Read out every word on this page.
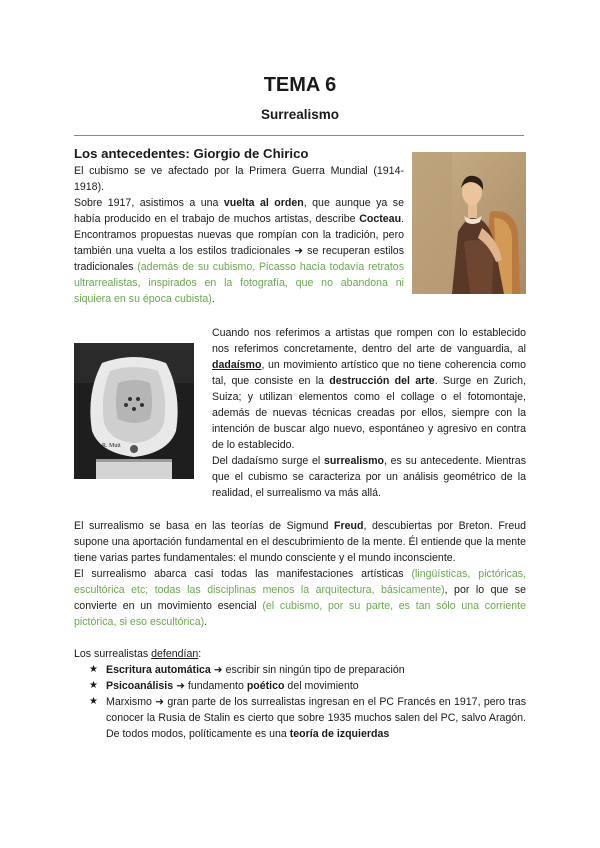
TEMA 6
Surrealismo
Los antecedentes: Giorgio de Chirico
El cubismo se ve afectado por la Primera Guerra Mundial (1914-1918).
Sobre 1917, asistimos a una vuelta al orden, que aunque ya se había producido en el trabajo de muchos artistas, describe Cocteau. Encontramos propuestas nuevas que rompían con la tradición, pero también una vuelta a los estilos tradicionales ➜ se recuperan estilos tradicionales (además de su cubismo, Picasso hacía todavía retratos ultrarrealistas, inspirados en la fotografía, que no abandona ni siquiera en su época cubista).
R. Mutt
Cuando nos referimos a artistas que rompen con lo establecido nos referimos concretamente, dentro del arte de vanguardia, al dadaísmo, un movimiento artístico que no tiene coherencia como tal, que consiste en la destrucción del arte. Surge en Zurich, Suiza; y utilizan elementos como el collage o el fotomontaje, además de nuevas técnicas creadas por ellos, siempre con la intención de buscar algo nuevo, espontáneo y agresivo en contra de lo establecido.
Del dadaísmo surge el surrealismo, es su antecedente. Mientras que el cubismo se caracteriza por un análisis geométrico de la realidad, el surrealismo va más allá.
El surrealismo se basa en las teorías de Sigmund Freud, descubiertas por Breton. Freud supone una aportación fundamental en el descubrimiento de la mente. Él entiende que la mente tiene varias partes fundamentales: el mundo consciente y el mundo inconsciente.
El surrealismo abarca casi todas las manifestaciones artísticas (lingüísticas, pictóricas, escultórica etc; todas las disciplinas menos la arquitectura, básicamente), por lo que se convierte en un movimiento esencial (el cubismo, por su parte, es tan sólo una corriente pictórica, si eso escultórica).
Los surrealistas defendían:
★ Escritura automática ➜ escribir sin ningún tipo de preparación
★ Psicoanálisis ➜ fundamento poético del movimiento
★ Marxismo ➜ gran parte de los surrealistas ingresan en el PC Francés en 1917, pero tras conocer la Rusia de Stalin es cierto que sobre 1935 muchos salen del PC, salvo Aragón. De todos modos, políticamente es una teoría de izquierdas
